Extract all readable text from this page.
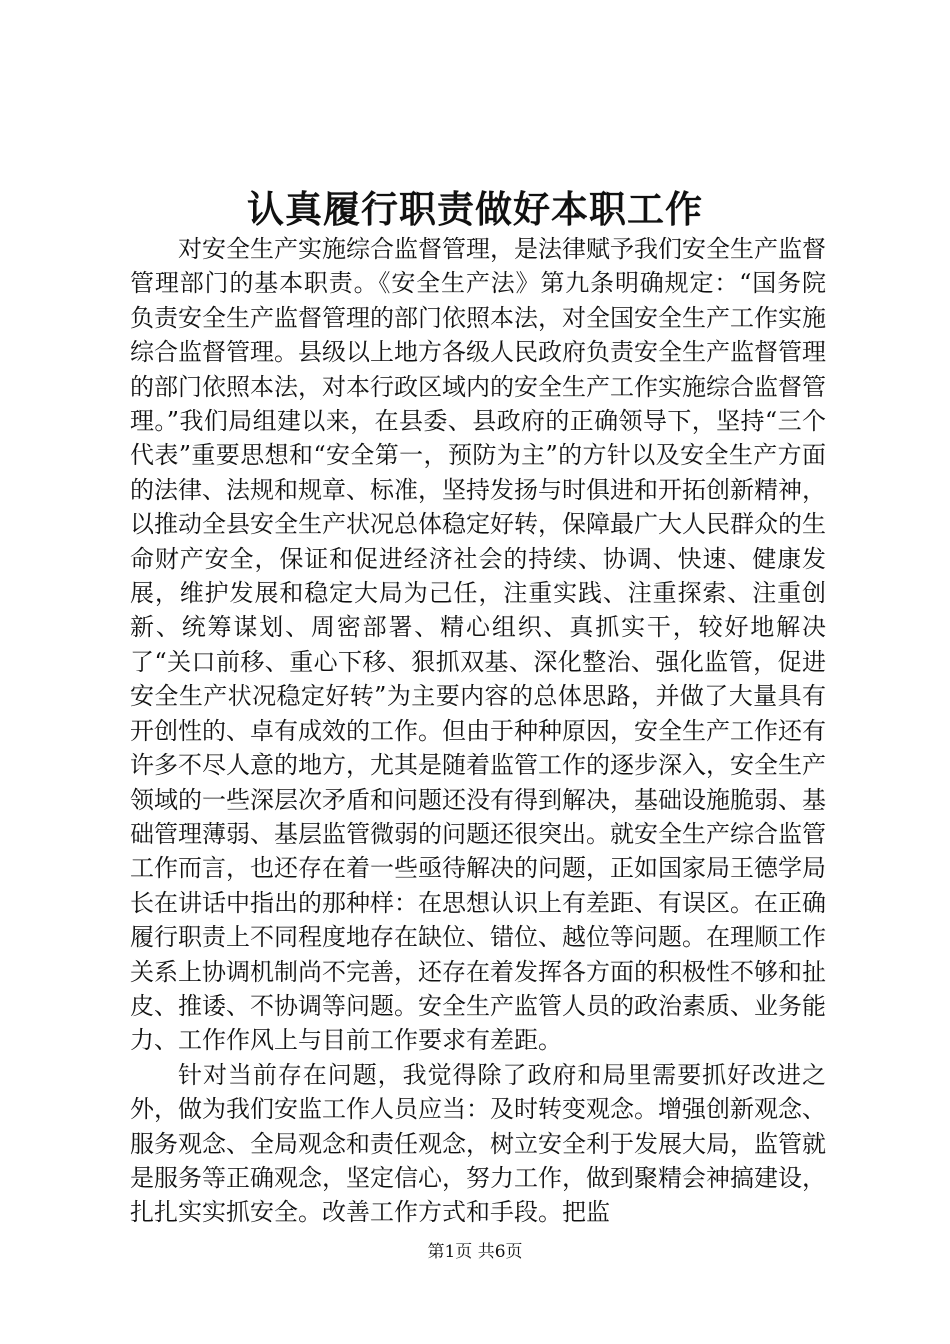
认真履行职责做好本职工作

对安全生产实施综合监督管理，是法律赋予我们安全生产监督管理部门的基本职责。《安全生产法》第九条明确规定：“国务院负责安全生产监督管理的部门依照本法，对全国安全生产工作实施综合监督管理。县级以上地方各级人民政府负责安全生产监督管理的部门依照本法，对本行政区域内的安全生产工作实施综合监督管理。”我们局组建以来，在县委、县政府的正确领导下，坚持“三个代表”重要思想和“安全第一，预防为主”的方针以及安全生产方面的法律、法规和规章、标准，坚持发扬与时俱进和开拓创新精神，以推动全县安全生产状况总体稳定好转，保障最广大人民群众的生命财产安全，保证和促进经济社会的持续、协调、快速、健康发展，维护发展和稳定大局为己任，注重实践、注重探索、注重创新、统筹谋划、周密部署、精心组织、真抓实干，较好地解决了“关口前移、重心下移、狠抓双基、深化整治、强化监管，促进安全生产状况稳定好转”为主要内容的总体思路，并做了大量具有开创性的、卓有成效的工作。但由于种种原因，安全生产工作还有许多不尽人意的地方，尤其是随着监管工作的逐步深入，安全生产领域的一些深层次矛盾和问题还没有得到解决，基础设施脆弱、基础管理薄弱、基层监管微弱的问题还很突出。就安全生产综合监管工作而言，也还存在着一些亟待解决的问题，正如国家局王德学局长在讲话中指出的那种样：在思想认识上有差距、有误区。在正确履行职责上不同程度地存在缺位、错位、越位等问题。在理顺工作关系上协调机制尚不完善，还存在着发挥各方面的积极性不够和扯皮、推诿、不协调等问题。安全生产监管人员的政治素质、业务能力、工作作风上与目前工作要求有差距。

针对当前存在问题，我觉得除了政府和局里需要抓好改进之外，做为我们安监工作人员应当：及时转变观念。增强创新观念、服务观念、全局观念和责任观念，树立安全利于发展大局，监管就是服务等正确观念，坚定信心，努力工作，做到聚精会神搞建设，扎扎实实抓安全。改善工作方式和手段。把监

第1页 共6页
